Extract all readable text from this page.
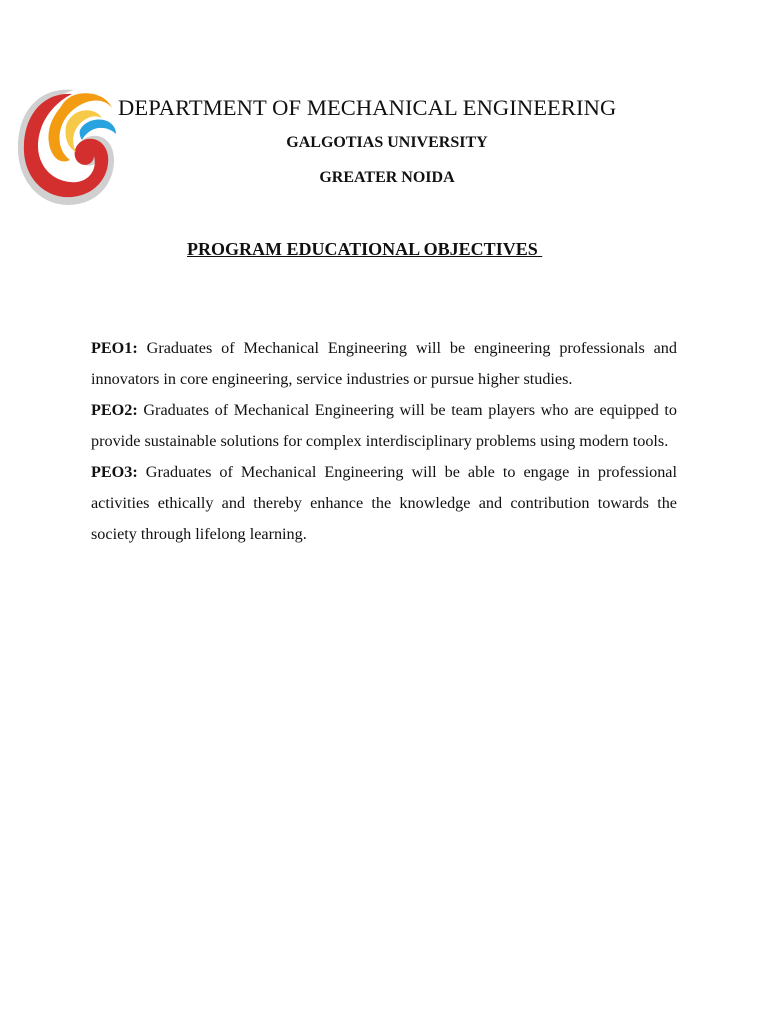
DEPARTMENT OF MECHANICAL ENGINEERING
GALGOTIAS UNIVERSITY
GREATER NOIDA
PROGRAM EDUCATIONAL OBJECTIVES

PEO1: Graduates of Mechanical Engineering will be engineering professionals and innovators in core engineering, service industries or pursue higher studies.

PEO2: Graduates of Mechanical Engineering will be team players who are equipped to provide sustainable solutions for complex interdisciplinary problems using modern tools.

PEO3: Graduates of Mechanical Engineering will be able to engage in professional activities ethically and thereby enhance the knowledge and contribution towards the society through lifelong learning.
